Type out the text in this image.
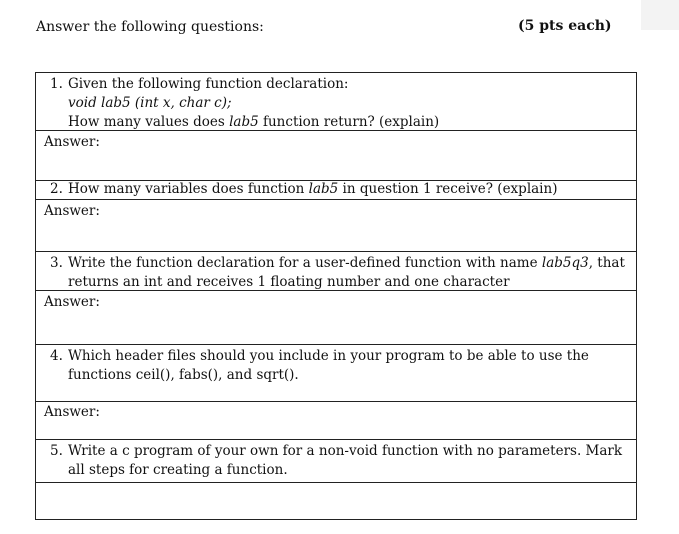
Answer the following questions:	(5 pts each)
1. Given the following function declaration:
void lab5 (int x, char c);
How many values does lab5 function return? (explain)
Answer:
2. How many variables does function lab5 in question 1 receive? (explain)
Answer:
3. Write the function declaration for a user-defined function with name lab5q3, that
returns an int and receives 1 floating number and one character
Answer:
4. Which header files should you include in your program to be able to use the
functions ceil(), fabs(), and sqrt().
Answer:
5. Write a c program of your own for a non-void function with no parameters. Mark
all steps for creating a function.
